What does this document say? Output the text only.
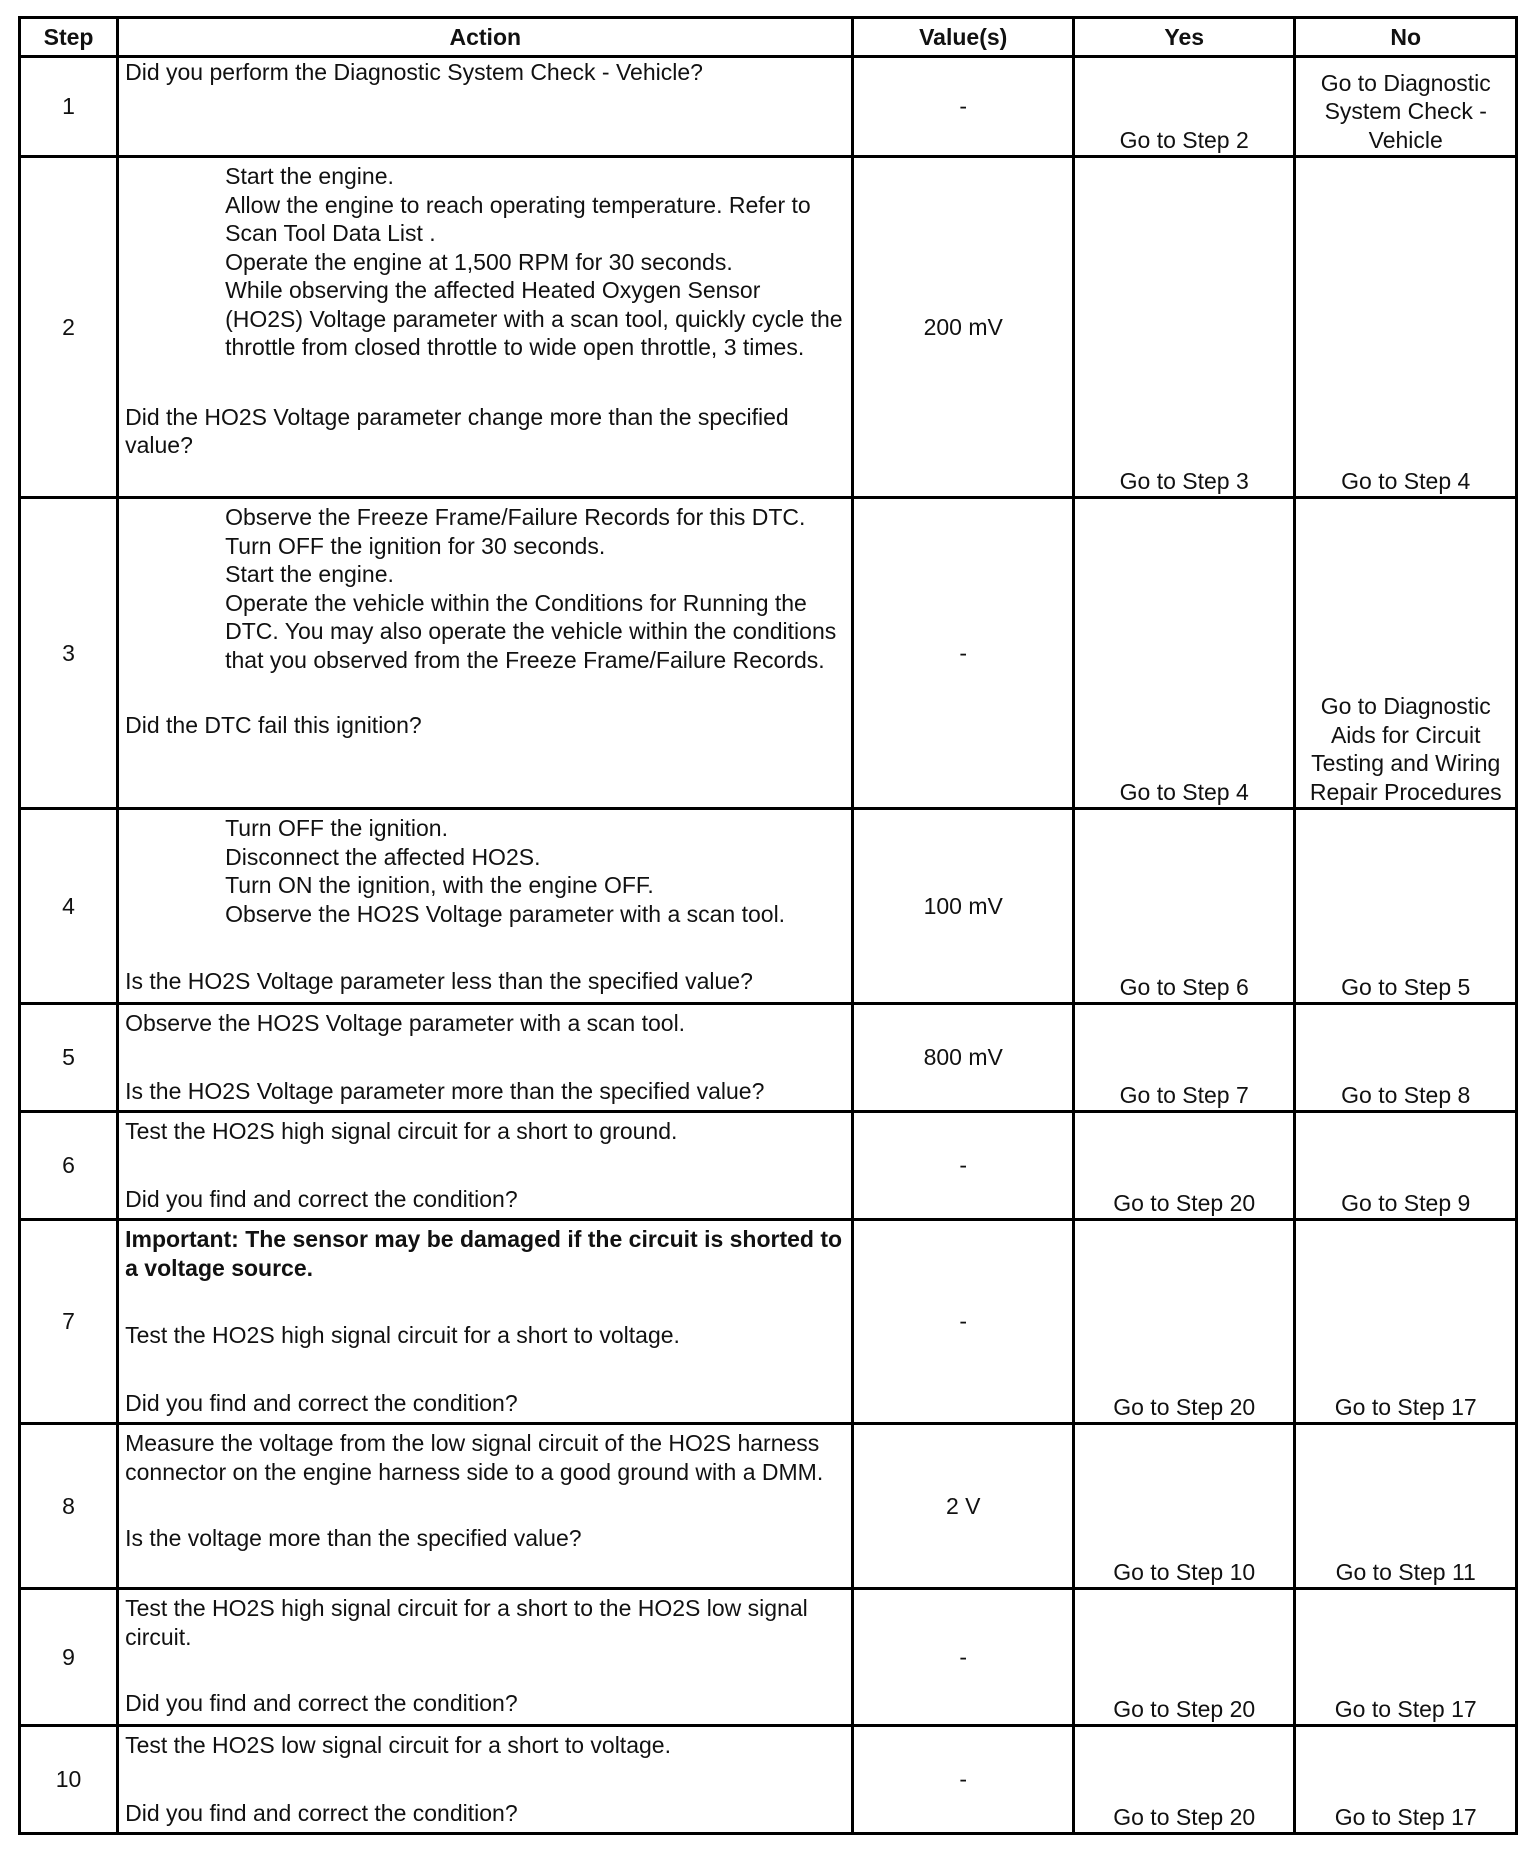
Step	Action	Value(s)	Yes	No
1	Did you perform the Diagnostic System Check - Vehicle?	-	Go to Step 2	Go to Diagnostic System Check - Vehicle
2	Start the engine.
Allow the engine to reach operating temperature. Refer to Scan Tool Data List .
Operate the engine at 1,500 RPM for 30 seconds.
While observing the affected Heated Oxygen Sensor (HO2S) Voltage parameter with a scan tool, quickly cycle the throttle from closed throttle to wide open throttle, 3 times.
Did the HO2S Voltage parameter change more than the specified value?	200 mV	Go to Step 3	Go to Step 4
3	Observe the Freeze Frame/Failure Records for this DTC.
Turn OFF the ignition for 30 seconds.
Start the engine.
Operate the vehicle within the Conditions for Running the DTC. You may also operate the vehicle within the conditions that you observed from the Freeze Frame/Failure Records.
Did the DTC fail this ignition?	-	Go to Step 4	Go to Diagnostic Aids for Circuit Testing and Wiring Repair Procedures
4	Turn OFF the ignition.
Disconnect the affected HO2S.
Turn ON the ignition, with the engine OFF.
Observe the HO2S Voltage parameter with a scan tool.
Is the HO2S Voltage parameter less than the specified value?	100 mV	Go to Step 6	Go to Step 5
5	Observe the HO2S Voltage parameter with a scan tool.
Is the HO2S Voltage parameter more than the specified value?	800 mV	Go to Step 7	Go to Step 8
6	Test the HO2S high signal circuit for a short to ground.
Did you find and correct the condition?	-	Go to Step 20	Go to Step 9
7	Important: The sensor may be damaged if the circuit is shorted to a voltage source.
Test the HO2S high signal circuit for a short to voltage.
Did you find and correct the condition?	-	Go to Step 20	Go to Step 17
8	Measure the voltage from the low signal circuit of the HO2S harness connector on the engine harness side to a good ground with a DMM.
Is the voltage more than the specified value?	2 V	Go to Step 10	Go to Step 11
9	Test the HO2S high signal circuit for a short to the HO2S low signal circuit.
Did you find and correct the condition?	-	Go to Step 20	Go to Step 17
10	Test the HO2S low signal circuit for a short to voltage.
Did you find and correct the condition?	-	Go to Step 20	Go to Step 17
